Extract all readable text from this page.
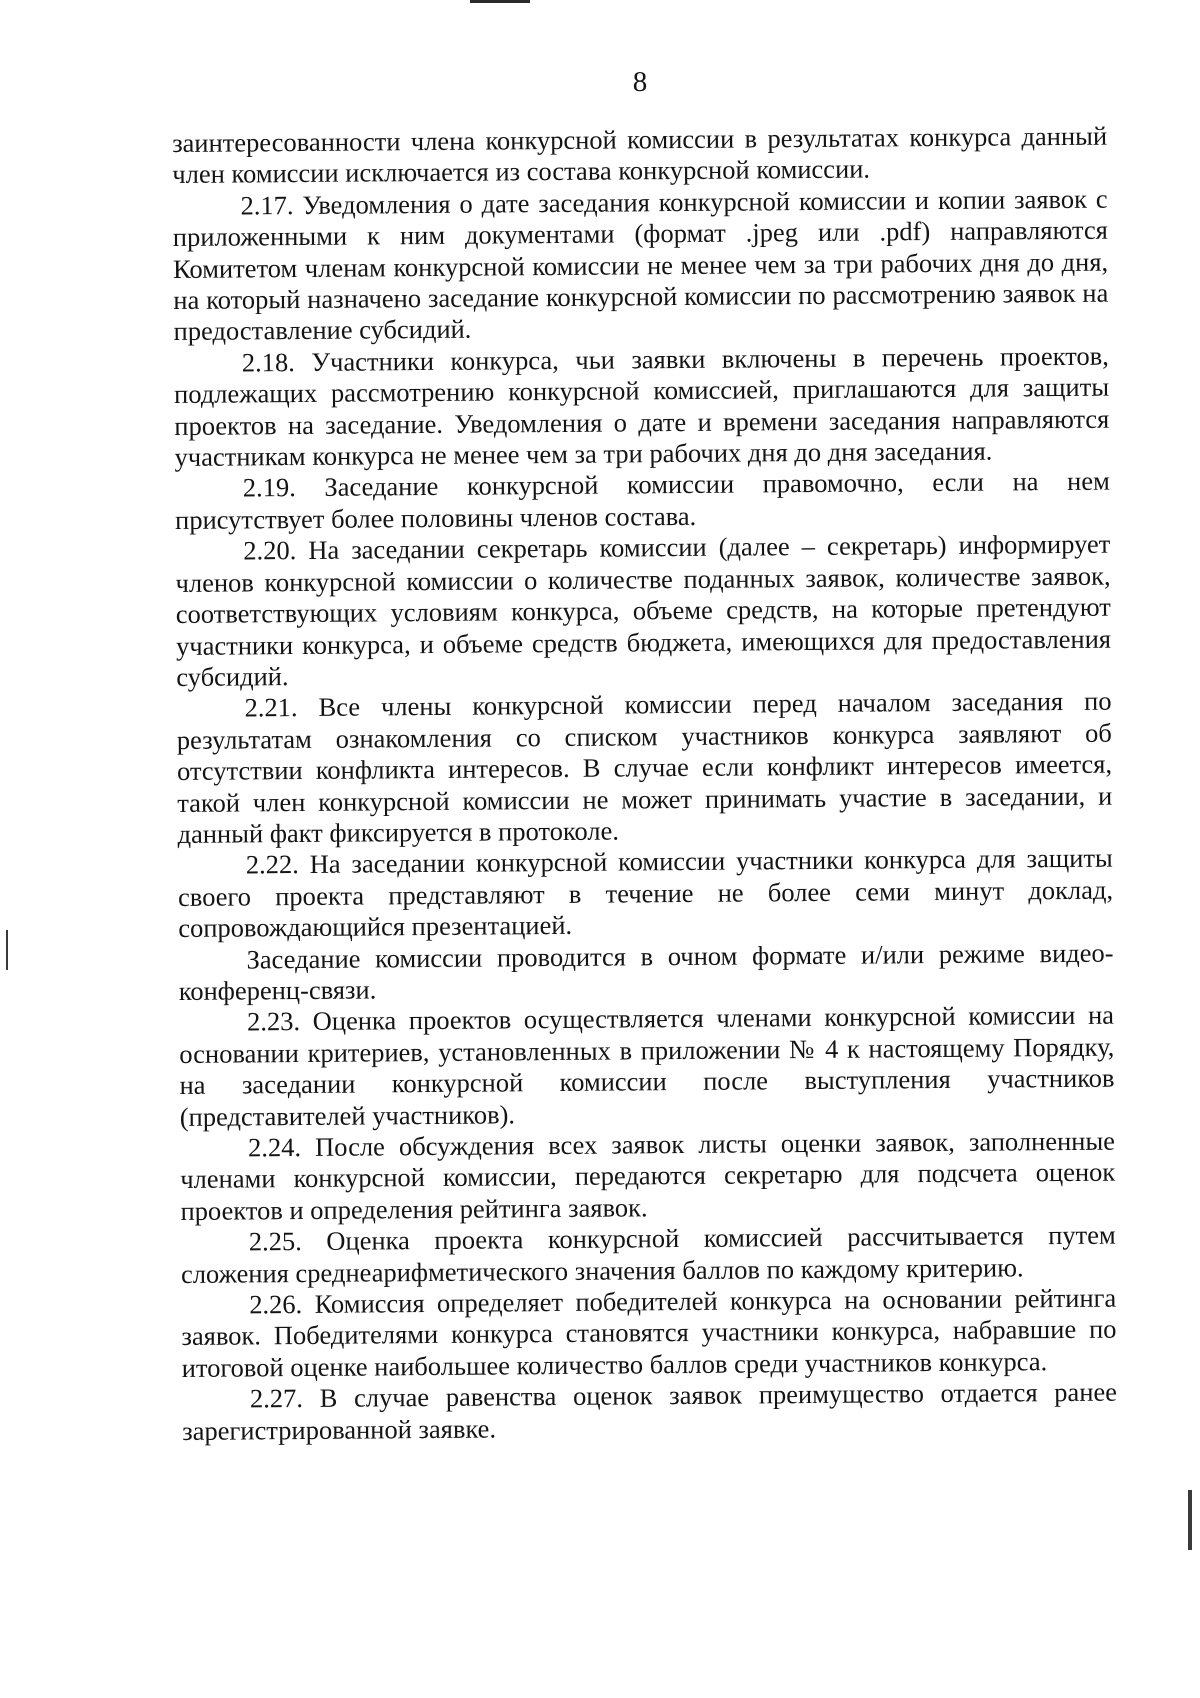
8

заинтересованности члена конкурсной комиссии в результатах конкурса данный член комиссии исключается из состава конкурсной комиссии.

2.17. Уведомления о дате заседания конкурсной комиссии и копии заявок с приложенными к ним документами (формат .jpeg или .pdf) направляются Комитетом членам конкурсной комиссии не менее чем за три рабочих дня до дня, на который назначено заседание конкурсной комиссии по рассмотрению заявок на предоставление субсидий.

2.18. Участники конкурса, чьи заявки включены в перечень проектов, подлежащих рассмотрению конкурсной комиссией, приглашаются для защиты проектов на заседание. Уведомления о дате и времени заседания направляются участникам конкурса не менее чем за три рабочих дня до дня заседания.

2.19. Заседание конкурсной комиссии правомочно, если на нем присутствует более половины членов состава.

2.20. На заседании секретарь комиссии (далее – секретарь) информирует членов конкурсной комиссии о количестве поданных заявок, количестве заявок, соответствующих условиям конкурса, объеме средств, на которые претендуют участники конкурса, и объеме средств бюджета, имеющихся для предоставления субсидий.

2.21. Все члены конкурсной комиссии перед началом заседания по результатам ознакомления со списком участников конкурса заявляют об отсутствии конфликта интересов. В случае если конфликт интересов имеется, такой член конкурсной комиссии не может принимать участие в заседании, и данный факт фиксируется в протоколе.

2.22. На заседании конкурсной комиссии участники конкурса для защиты своего проекта представляют в течение не более семи минут доклад, сопровождающийся презентацией.

Заседание комиссии проводится в очном формате и/или режиме видео-конференц-связи.

2.23. Оценка проектов осуществляется членами конкурсной комиссии на основании критериев, установленных в приложении № 4 к настоящему Порядку, на заседании конкурсной комиссии после выступления участников (представителей участников).

2.24. После обсуждения всех заявок листы оценки заявок, заполненные членами конкурсной комиссии, передаются секретарю для подсчета оценок проектов и определения рейтинга заявок.

2.25. Оценка проекта конкурсной комиссией рассчитывается путем сложения среднеарифметического значения баллов по каждому критерию.

2.26. Комиссия определяет победителей конкурса на основании рейтинга заявок. Победителями конкурса становятся участники конкурса, набравшие по итоговой оценке наибольшее количество баллов среди участников конкурса.

2.27. В случае равенства оценок заявок преимущество отдается ранее зарегистрированной заявке.
